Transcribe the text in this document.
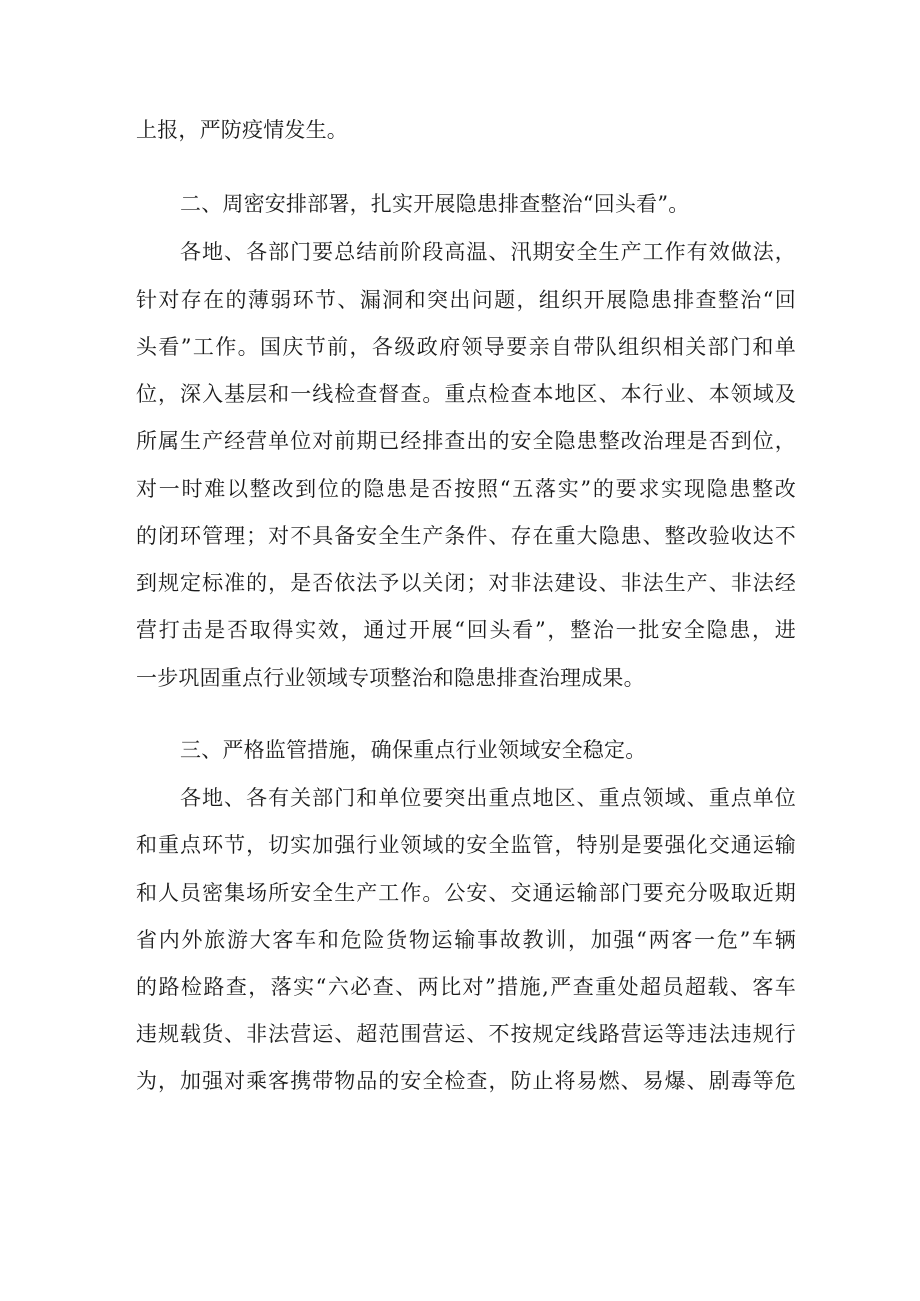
上报，严防疫情发生。
二、周密安排部署，扎实开展隐患排查整治“回头看”。
各地、各部门要总结前阶段高温、汛期安全生产工作有效做法，
针对存在的薄弱环节、漏洞和突出问题，组织开展隐患排查整治“回
头看”工作。国庆节前，各级政府领导要亲自带队组织相关部门和单
位，深入基层和一线检查督查。重点检查本地区、本行业、本领域及
所属生产经营单位对前期已经排查出的安全隐患整改治理是否到位，
对一时难以整改到位的隐患是否按照“五落实”的要求实现隐患整改
的闭环管理；对不具备安全生产条件、存在重大隐患、整改验收达不
到规定标准的，是否依法予以关闭；对非法建设、非法生产、非法经
营打击是否取得实效，通过开展“回头看”，整治一批安全隐患，进
一步巩固重点行业领域专项整治和隐患排查治理成果。
三、严格监管措施，确保重点行业领域安全稳定。
各地、各有关部门和单位要突出重点地区、重点领域、重点单位
和重点环节，切实加强行业领域的安全监管，特别是要强化交通运输
和人员密集场所安全生产工作。公安、交通运输部门要充分吸取近期
省内外旅游大客车和危险货物运输事故教训，加强“两客一危”车辆
的路检路查，落实“六必查、两比对”措施,严查重处超员超载、客车
违规载货、非法营运、超范围营运、不按规定线路营运等违法违规行
为，加强对乘客携带物品的安全检查，防止将易燃、易爆、剧毒等危
